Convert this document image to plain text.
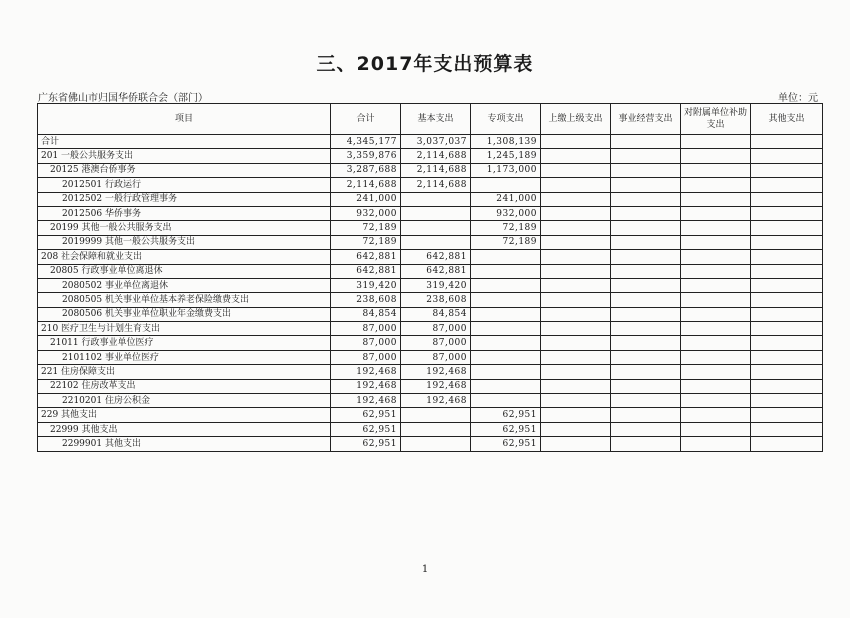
三、2017年支出预算表
广东省佛山市归国华侨联合会（部门）	单位：元
项目	合计	基本支出	专项支出	上缴上级支出	事业经营支出	对附属单位补助支出	其他支出
合计	4,345,177	3,037,037	1,308,139				
201 一般公共服务支出	3,359,876	2,114,688	1,245,189				
20125 港澳台侨事务	3,287,688	2,114,688	1,173,000				
2012501 行政运行	2,114,688	2,114,688					
2012502 一般行政管理事务	241,000		241,000				
2012506 华侨事务	932,000		932,000				
20199 其他一般公共服务支出	72,189		72,189				
2019999 其他一般公共服务支出	72,189		72,189				
208 社会保障和就业支出	642,881	642,881					
20805 行政事业单位离退休	642,881	642,881					
2080502 事业单位离退休	319,420	319,420					
2080505 机关事业单位基本养老保险缴费支出	238,608	238,608					
2080506 机关事业单位职业年金缴费支出	84,854	84,854					
210 医疗卫生与计划生育支出	87,000	87,000					
21011 行政事业单位医疗	87,000	87,000					
2101102 事业单位医疗	87,000	87,000					
221 住房保障支出	192,468	192,468					
22102 住房改革支出	192,468	192,468					
2210201 住房公积金	192,468	192,468					
229 其他支出	62,951		62,951				
22999 其他支出	62,951		62,951				
2299901 其他支出	62,951		62,951				
1
